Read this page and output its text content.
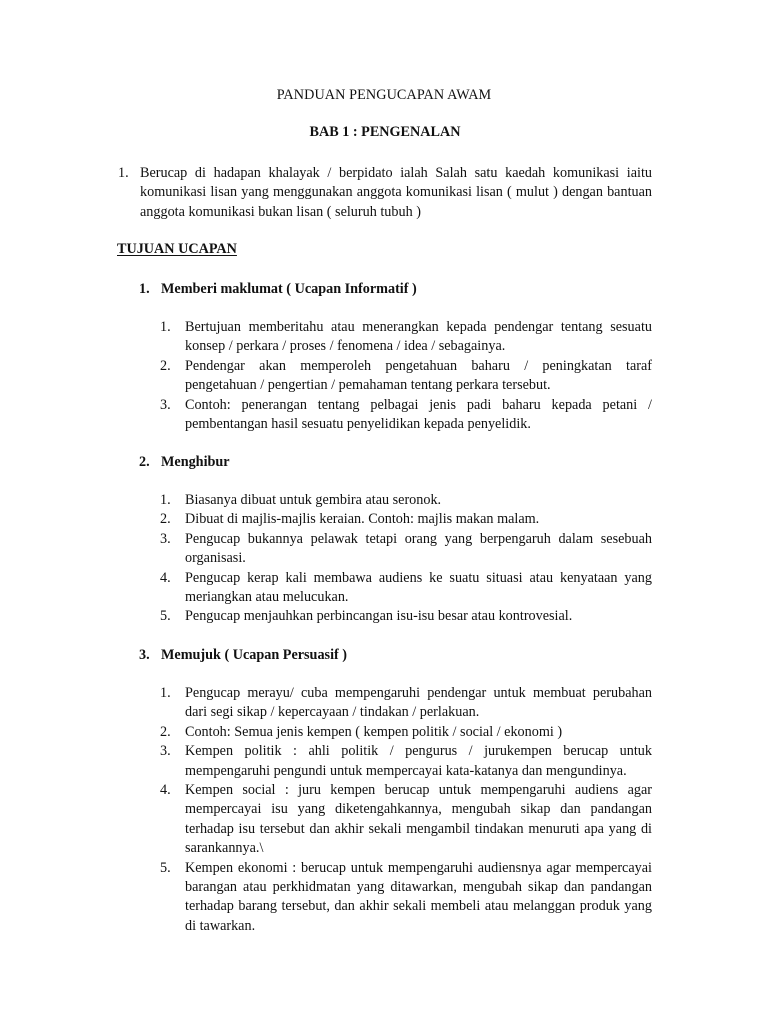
PANDUAN PENGUCAPAN AWAM
BAB 1 : PENGENALAN
1. Berucap di hadapan khalayak / berpidato ialah Salah satu kaedah komunikasi iaitu komunikasi lisan yang menggunakan anggota komunikasi lisan ( mulut ) dengan bantuan anggota komunikasi bukan lisan ( seluruh tubuh )
TUJUAN UCAPAN
1. Memberi maklumat ( Ucapan Informatif )
1. Bertujuan memberitahu atau menerangkan kepada pendengar tentang sesuatu konsep / perkara / proses / fenomena / idea / sebagainya.
2. Pendengar akan memperoleh pengetahuan baharu / peningkatan taraf pengetahuan / pengertian / pemahaman tentang perkara tersebut.
3. Contoh: penerangan tentang pelbagai jenis padi baharu kepada petani / pembentangan hasil sesuatu penyelidikan kepada penyelidik.
2. Menghibur
1. Biasanya dibuat untuk gembira atau seronok.
2. Dibuat di majlis-majlis keraian. Contoh: majlis makan malam.
3. Pengucap bukannya pelawak tetapi orang yang berpengaruh dalam sesebuah organisasi.
4. Pengucap kerap kali membawa audiens ke suatu situasi atau kenyataan yang meriangkan atau melucukan.
5. Pengucap menjauhkan perbincangan isu-isu besar atau kontrovesial.
3. Memujuk ( Ucapan Persuasif )
1. Pengucap merayu/ cuba mempengaruhi pendengar untuk membuat perubahan dari segi sikap / kepercayaan / tindakan / perlakuan.
2. Contoh: Semua jenis kempen ( kempen politik / social / ekonomi )
3. Kempen politik : ahli politik / pengurus / jurukempen berucap untuk mempengaruhi pengundi untuk mempercayai kata-katanya dan mengundinya.
4. Kempen social : juru kempen berucap untuk mempengaruhi audiens agar mempercayai isu yang diketengahkannya, mengubah sikap dan pandangan terhadap isu tersebut dan akhir sekali mengambil tindakan menuruti apa yang di sarankannya.\
5. Kempen ekonomi : berucap untuk mempengaruhi audiensnya agar mempercayai barangan atau perkhidmatan yang ditawarkan, mengubah sikap dan pandangan terhadap barang tersebut, dan akhir sekali membeli atau melanggan produk yang di tawarkan.
